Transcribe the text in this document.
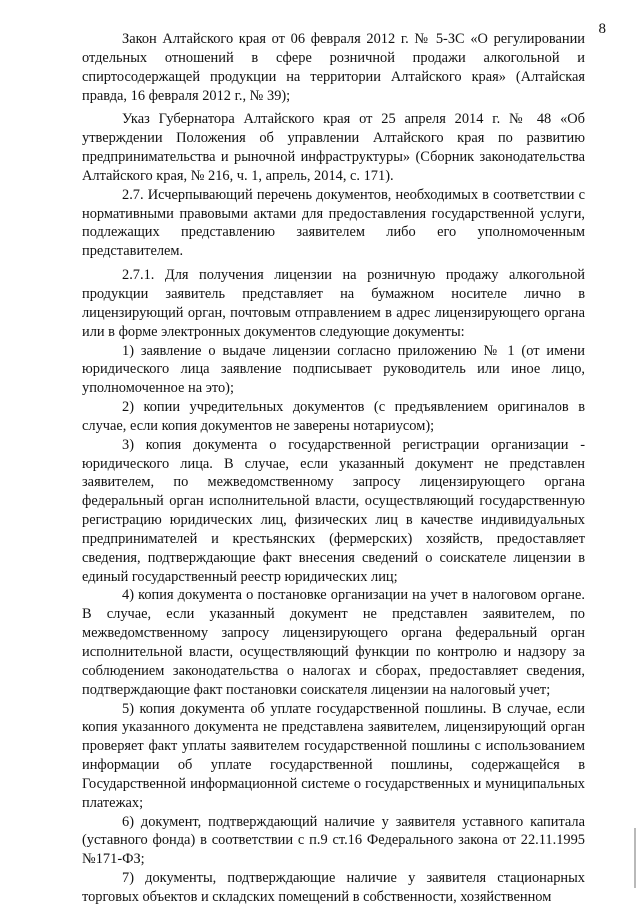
8

Закон Алтайского края от 06 февраля 2012 г. № 5-ЗС «О регулировании отдельных отношений в сфере розничной продажи алкогольной и спиртосодержащей продукции на территории Алтайского края» (Алтайская правда, 16 февраля 2012 г., № 39);

Указ Губернатора Алтайского края от 25 апреля 2014 г. № 48 «Об утверждении Положения об управлении Алтайского края по развитию предпринимательства и рыночной инфраструктуры» (Сборник законодательства Алтайского края, № 216, ч. 1, апрель, 2014, с. 171).

2.7. Исчерпывающий перечень документов, необходимых в соответствии с нормативными правовыми актами для предоставления государственной услуги, подлежащих представлению заявителем либо его уполномоченным представителем.

2.7.1. Для получения лицензии на розничную продажу алкогольной продукции заявитель представляет на бумажном носителе лично в лицензирующий орган, почтовым отправлением в адрес лицензирующего органа или в форме электронных документов следующие документы:

1) заявление о выдаче лицензии согласно приложению № 1 (от имени юридического лица заявление подписывает руководитель или иное лицо, уполномоченное на это);

2) копии учредительных документов (с предъявлением оригиналов в случае, если копия документов не заверены нотариусом);

3) копия документа о государственной регистрации организации - юридического лица. В случае, если указанный документ не представлен заявителем, по межведомственному запросу лицензирующего органа федеральный орган исполнительной власти, осуществляющий государственную регистрацию юридических лиц, физических лиц в качестве индивидуальных предпринимателей и крестьянских (фермерских) хозяйств, предоставляет сведения, подтверждающие факт внесения сведений о соискателе лицензии в единый государственный реестр юридических лиц;

4) копия документа о постановке организации на учет в налоговом органе. В случае, если указанный документ не представлен заявителем, по межведомственному запросу лицензирующего органа федеральный орган исполнительной власти, осуществляющий функции по контролю и надзору за соблюдением законодательства о налогах и сборах, предоставляет сведения, подтверждающие факт постановки соискателя лицензии на налоговый учет;

5) копия документа об уплате государственной пошлины. В случае, если копия указанного документа не представлена заявителем, лицензирующий орган проверяет факт уплаты заявителем государственной пошлины с использованием информации об уплате государственной пошлины, содержащейся в Государственной информационной системе о государственных и муниципальных платежах;

6) документ, подтверждающий наличие у заявителя уставного капитала (уставного фонда) в соответствии с п.9 ст.16 Федерального закона от 22.11.1995 №171-ФЗ;

7) документы, подтверждающие наличие у заявителя стационарных торговых объектов и складских помещений в собственности, хозяйственном
